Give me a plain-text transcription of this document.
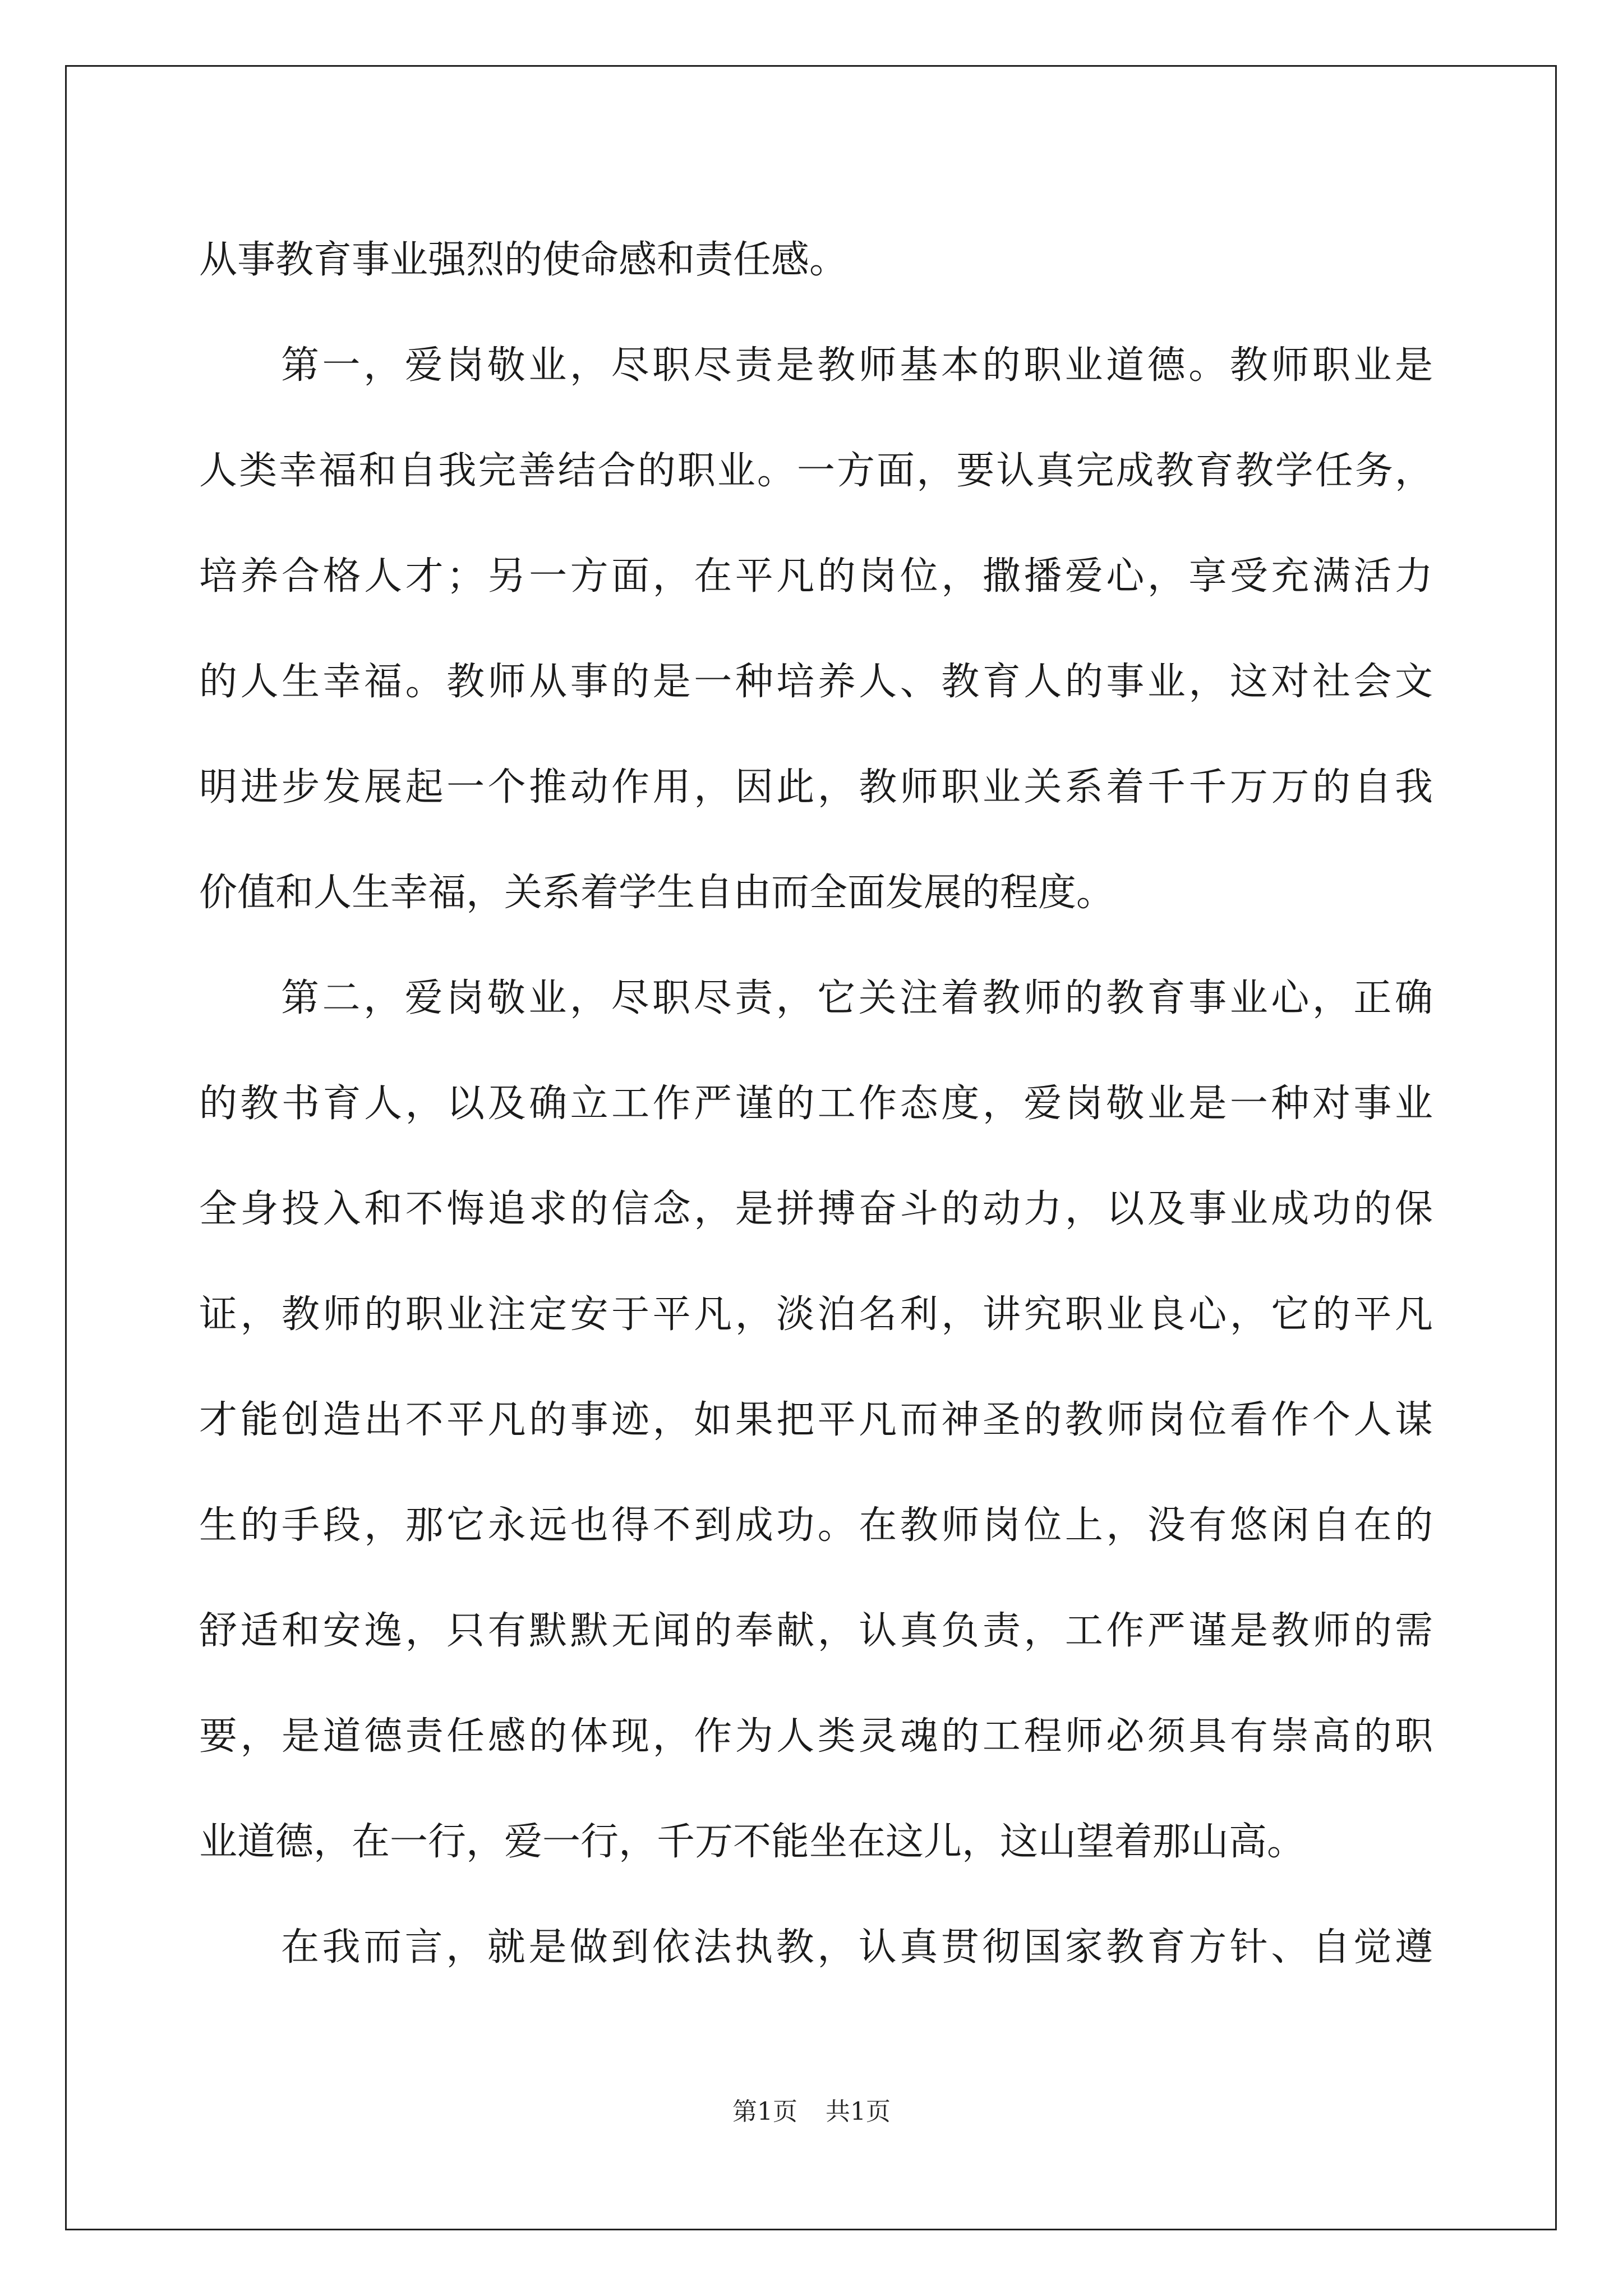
从事教育事业强烈的使命感和责任感。
第一，爱岗敬业，尽职尽责是教师基本的职业道德。教师职业是
人类幸福和自我完善结合的职业。一方面，要认真完成教育教学任务，
培养合格人才；另一方面，在平凡的岗位，撒播爱心，享受充满活力
的人生幸福。教师从事的是一种培养人、教育人的事业，这对社会文
明进步发展起一个推动作用，因此，教师职业关系着千千万万的自我
价值和人生幸福，关系着学生自由而全面发展的程度。
第二，爱岗敬业，尽职尽责，它关注着教师的教育事业心，正确
的教书育人，以及确立工作严谨的工作态度，爱岗敬业是一种对事业
全身投入和不悔追求的信念，是拼搏奋斗的动力，以及事业成功的保
证，教师的职业注定安于平凡，淡泊名利，讲究职业良心，它的平凡
才能创造出不平凡的事迹，如果把平凡而神圣的教师岗位看作个人谋
生的手段，那它永远也得不到成功。在教师岗位上，没有悠闲自在的
舒适和安逸，只有默默无闻的奉献，认真负责，工作严谨是教师的需
要，是道德责任感的体现，作为人类灵魂的工程师必须具有崇高的职
业道德，在一行，爱一行，千万不能坐在这儿，这山望着那山高。
在我而言，就是做到依法执教，认真贯彻国家教育方针、自觉遵
第1页 共1页
